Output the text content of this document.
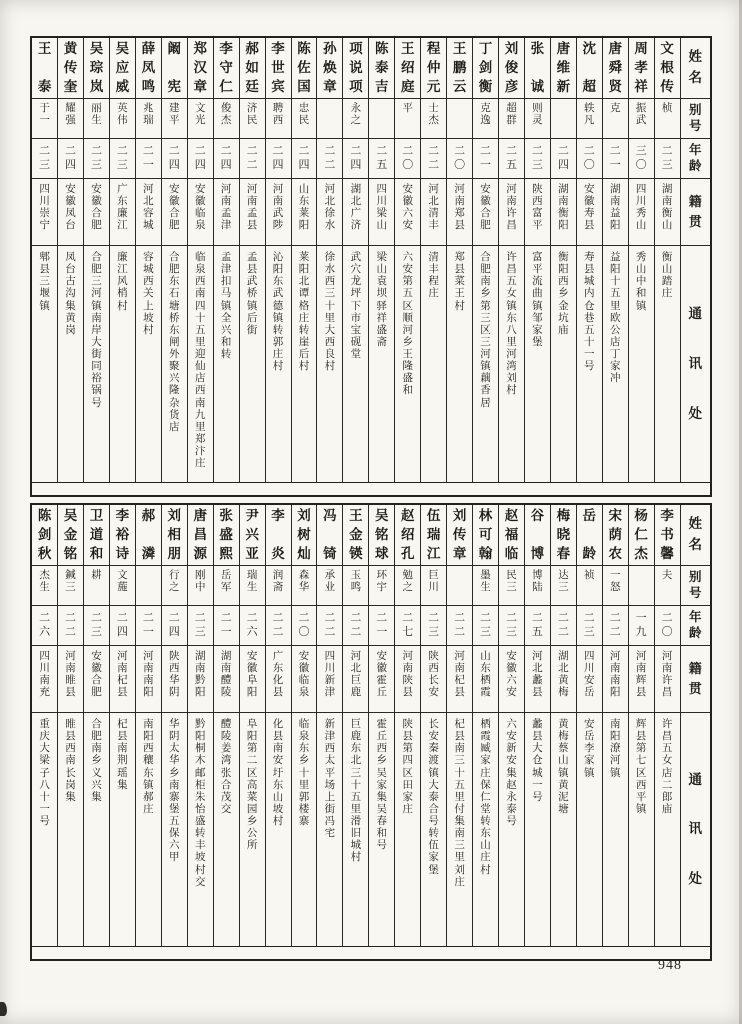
姓
名
别
号
年
龄
籍
贯
通
讯
处
文
根
传
桢
二
三
湖
南
衡
山
衡
山
踏
庄
周
孝
祥
振
武
三
〇
四
川
秀
山
秀
山
中
和
镇
唐
舜
贤
克
二
一
湖
南
益
阳
益
阳
十
五
里
欧
公
店
丁
家
冲
沈
超
轶
凡
二
〇
安
徽
寿
县
寿
县
城
内
仓
巷
五
十
一
号
唐
维
新
二
四
湖
南
衡
阳
衡
阳
西
乡
金
坑
庙
张
诚
则
灵
二
三
陕
西
富
平
富
平
流
曲
镇
邹
家
堡
刘
俊
彦
超
群
二
五
河
南
许
昌
许
昌
五
女
镇
东
八
里
河
湾
刘
村
丁
剑
衡
克
逸
二
一
安
徽
合
肥
合
肥
南
乡
第
三
区
三
河
镇
藕
香
居
王
鹏
云
二
〇
河
南
郑
县
郑
县
菜
王
村
程
仲
元
士
杰
二
二
河
北
清
丰
清
丰
程
庄
王
绍
庭
平
二
〇
安
徽
六
安
六
安
第
五
区
顺
河
乡
王
隆
盛
和
陈
泰
吉
二
五
四
川
梁
山
梁
山
袁
坝
驿
祥
盛
斋
项
说
项
永
之
二
四
湖
北
广
济
武
穴
龙
坪
下
市
宝
砚
堂
孙
焕
章
二
二
河
北
徐
水
徐
水
西
三
十
里
大
西
良
村
陈
佐
国
忠
民
二
四
山
东
莱
阳
莱
阳
北
谭
格
庄
转
崖
后
村
李
世
宾
聘
西
二
四
河
南
武
陟
沁
阳
东
武
德
镇
转
郭
庄
村
郝
如
廷
济
民
二
二
河
南
孟
县
孟
县
武
桥
镇
后
街
李
守
仁
俊
杰
二
四
河
南
孟
津
孟
津
扣
马
镇
全
兴
和
转
郑
汉
章
文
光
二
四
安
徽
临
泉
临
泉
西
南
四
十
五
里
迎
仙
店
西
南
九
里
郑
汴
庄
阚
宪
建
平
二
四
安
徽
合
肥
合
肥
东
石
塘
桥
东
闸
外
聚
兴
隆
杂
货
店
薛
凤
鸣
兆
瑞
二
一
河
北
容
城
容
城
西
关
上
坡
村
吴
应
威
英
伟
二
三
广
东
廉
江
廉
江
风
梢
村
吴
琮
岚
丽
生
二
三
安
徽
合
肥
合
肥
三
河
镇
南
岸
大
街
同
裕
锅
号
黄
传
奎
耀
强
二
四
安
徽
凤
台
凤
台
古
沟
集
黄
岗
王
泰
于
一
二
三
四
川
崇
宁
郫
县
三
堰
镇
姓
名
别
号
年
龄
籍
贯
通
讯
处
李
书
馨
夫
二
〇
河
南
许
昌
许
昌
五
女
店
二
郎
庙
杨
仁
杰
一
九
河
南
辉
县
辉
县
第
七
区
西
平
镇
宋
荫
农
一
怒
二
二
河
南
南
阳
南
阳
潦
河
镇
岳
龄
祯
二
三
四
川
安
岳
安
岳
李
家
镇
梅
晓
春
达
三
二
二
湖
北
黄
梅
黄
梅
蔡
山
镇
黄
泥
塘
谷
博
博
陆
二
五
河
北
蠡
县
蠡
县
大
仓
城
一
号
赵
福
临
民
三
二
三
安
徽
六
安
六
安
新
安
集
赵
永
泰
号
林
可
翰
墨
生
二
三
山
东
栖
霞
栖
霞
臧
家
庄
保
仁
堂
转
东
山
庄
村
刘
传
章
二
二
河
南
杞
县
杞
县
南
三
十
五
里
付
集
南
三
里
刘
庄
伍
瑞
江
巨
川
二
三
陕
西
长
安
长
安
秦
渡
镇
大
泰
合
号
转
伍
家
堡
赵
绍
孔
勉
之
二
七
河
南
陕
县
陕
县
第
四
区
田
家
庄
吴
铭
球
环
宇
二
一
安
徽
霍
丘
霍
丘
西
乡
吴
家
集
吴
春
和
号
王
金
锳
玉
鸣
二
二
河
北
巨
鹿
巨
鹿
东
北
三
十
五
里
滑
旧
城
村
冯
锜
承
业
二
二
四
川
新
津
新
津
西
太
平
场
上
街
冯
宅
刘
树
灿
森
华
二
〇
安
徽
临
泉
临
泉
东
乡
十
里
郭
楼
寨
李
炎
润
斋
二
二
广
东
化
县
化
县
南
安
圩
东
山
坡
村
尹
兴
亚
瑞
生
二
六
安
徽
阜
阳
阜
阳
第
二
区
高
菜
园
乡
公
所
张
盛
熙
岳
军
二
一
湖
南
醴
陵
醴
陵
姜
湾
张
合
茂
交
唐
昌
源
刚
中
二
三
湖
南
黔
阳
黔
阳
桐
木
邮
柜
朱
怡
盛
转
丰
坡
村
交
刘
相
朋
行
之
二
四
陕
西
华
阴
华
阴
太
华
乡
南
寨
堡
五
保
六
甲
郝
潾
二
一
河
南
南
阳
南
阳
西
穰
东
镇
郝
庄
李
裕
诗
文
葹
二
四
河
南
杞
县
杞
县
南
荆
瑶
集
卫
道
和
耕
二
三
安
徽
合
肥
合
肥
南
乡
义
兴
集
吴
金
铭
鍼
三
二
二
河
南
睢
县
睢
县
西
南
长
岗
集
陈
剑
秋
杰
生
二
六
四
川
南
充
重
庆
大
梁
子
八
十
一
号
948
